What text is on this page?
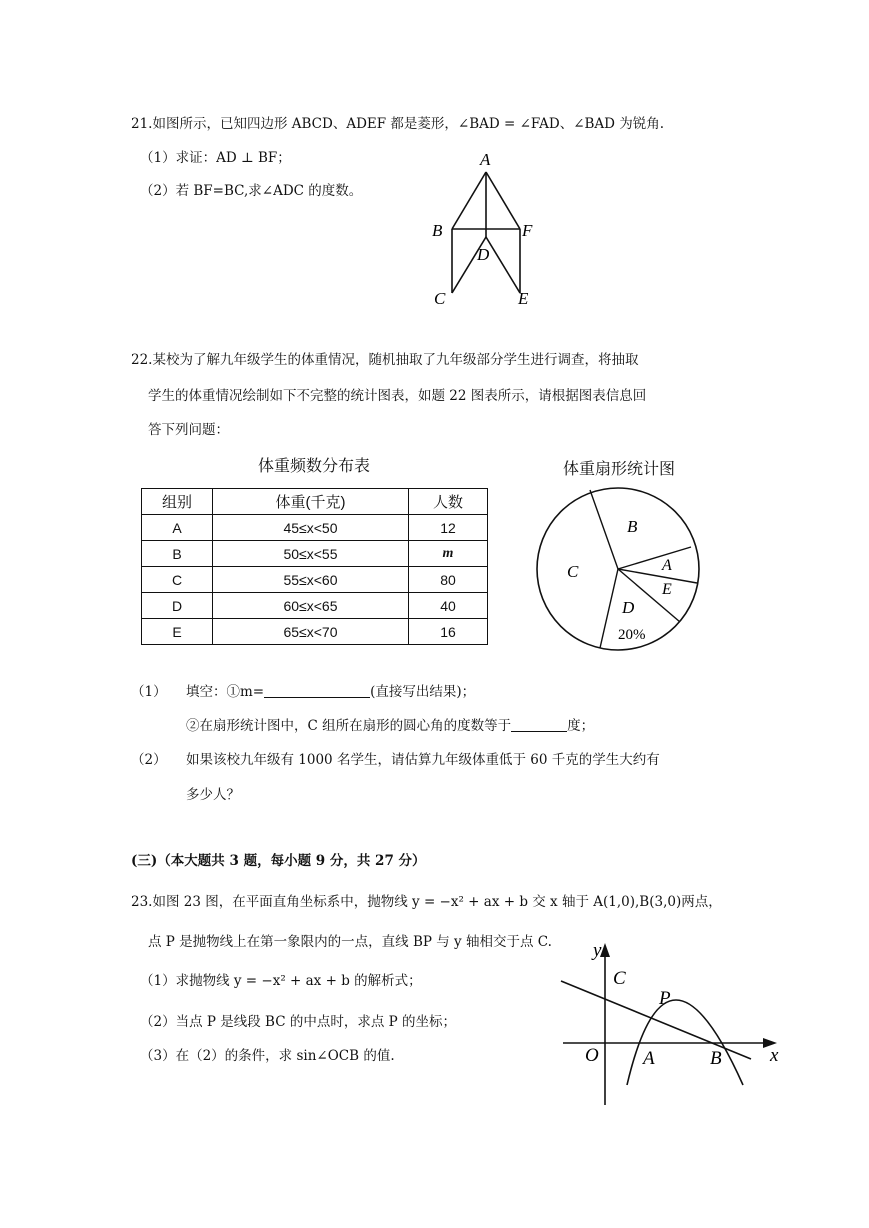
21.如图所示，已知四边形 ABCD、ADEF 都是菱形，∠BAD = ∠FAD、∠BAD 为锐角.
（1）求证：AD ⊥ BF；
（2）若 BF=BC,求∠ADC 的度数。
A
B	F
D
C	E
22.某校为了解九年级学生的体重情况，随机抽取了九年级部分学生进行调查，将抽取
学生的体重情况绘制如下不完整的统计图表，如题 22 图表所示，请根据图表信息回
答下列问题：
体重频数分布表
组别	体重(千克)	人数
A	45≤x<50	12
B	50≤x<55	m
C	55≤x<60	80
D	60≤x<65	40
E	65≤x<70	16
体重扇形统计图
B
A
E
D
C
20%
（1） 填空：①m=	(直接写出结果)；
②在扇形统计图中，C 组所在扇形的圆心角的度数等于	度；
（2） 如果该校九年级有 1000 名学生，请估算九年级体重低于 60 千克的学生大约有
多少人？
(三)（本大题共 3 题，每小题 9 分，共 27 分）
23.如图 23 图，在平面直角坐标系中，抛物线 y = −x² + ax + b 交 x 轴于 A(1,0),B(3,0)两点，
点 P 是抛物线上在第一象限内的一点，直线 BP 与 y 轴相交于点 C.
（1）求抛物线 y = −x² + ax + b 的解析式；
（2）当点 P 是线段 BC 的中点时，求点 P 的坐标；
（3）在（2）的条件，求 sin∠OCB 的值.
y
x
C
P
O A	B
